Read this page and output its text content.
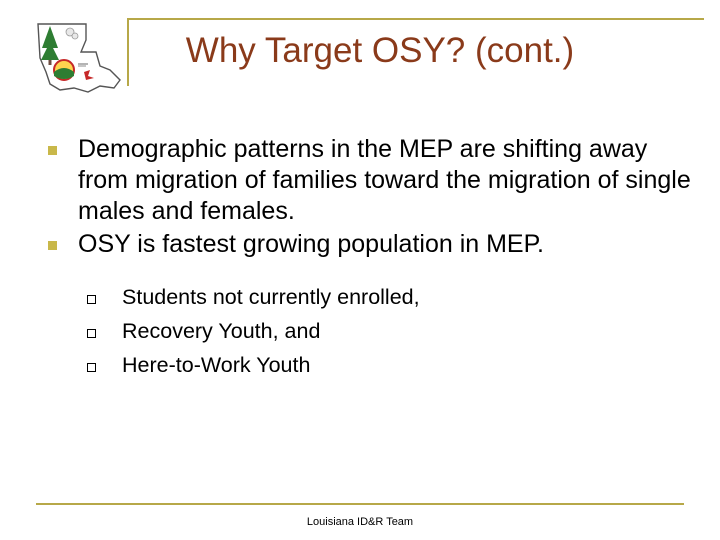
Why Target OSY? (cont.)
Demographic patterns in the MEP are shifting away from migration of families toward the migration of single males and females.
OSY is fastest growing population in MEP.
Students not currently enrolled,
Recovery Youth, and
Here-to-Work Youth
Louisiana ID&R Team
